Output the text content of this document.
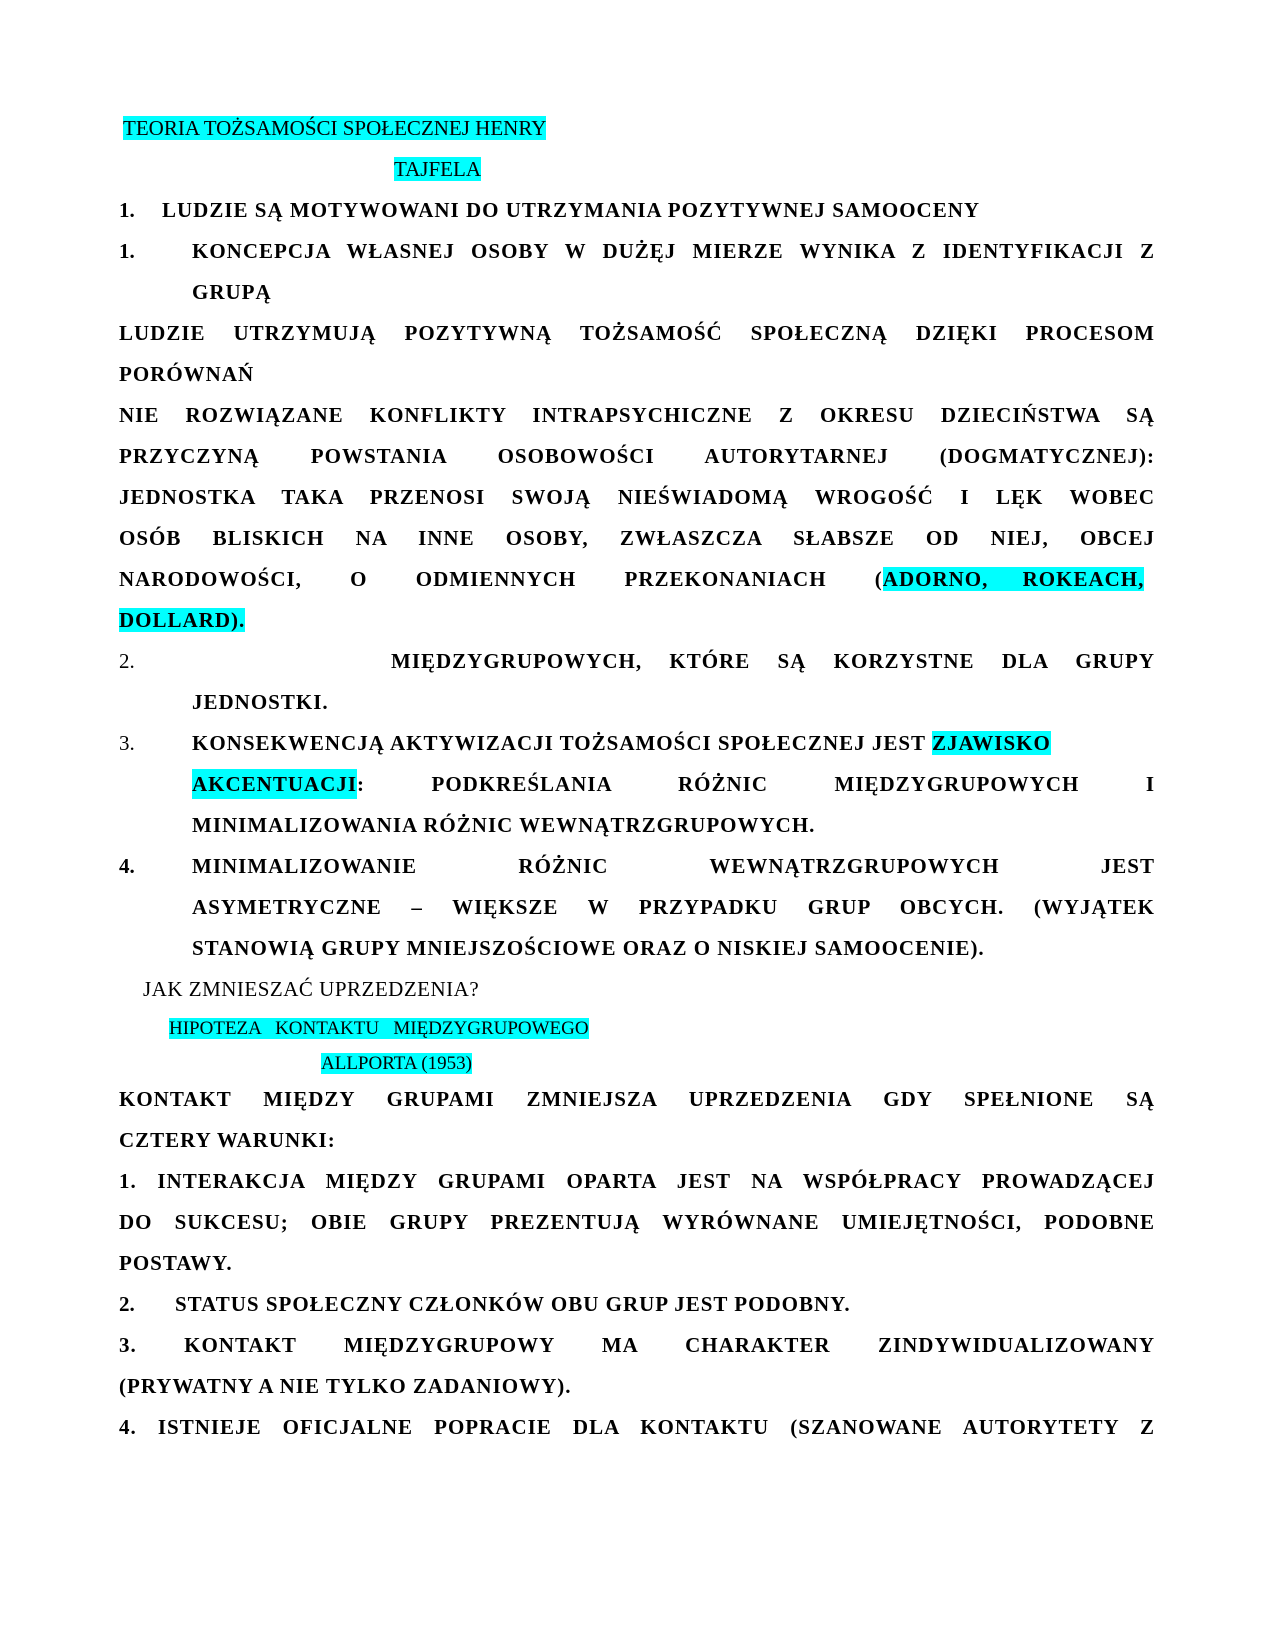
TEORIA TOŻSAMOŚCI SPOŁECZNEJ HENRY
TAJFELA
1. LUDZIE SĄ MOTYWOWANI DO UTRZYMANIA POZYTYWNEJ SAMOOCENY
1.	KONCEPCJA WŁASNEJ OSOBY W DUŻĘJ MIERZE WYNIKA Z IDENTYFIKACJI Z
GRUPĄ
LUDZIE UTRZYMUJĄ POZYTYWNĄ TOŻSAMOŚĆ SPOŁECZNĄ DZIĘKI PROCESOM
PORÓWNAŃ
NIE ROZWIĄZANE KONFLIKTY INTRAPSYCHICZNE Z OKRESU DZIECIŃSTWA SĄ
PRZYCZYNĄ POWSTANIA OSOBOWOŚCI AUTORYTARNEJ (DOGMATYCZNEJ):
JEDNOSTKA TAKA PRZENOSI SWOJĄ NIEŚWIADOMĄ WROGOŚĆ I LĘK WOBEC
OSÓB BLISKICH NA INNE OSOBY, ZWŁASZCZA SŁABSZE OD NIEJ, OBCEJ
NARODOWOŚCI, O ODMIENNYCH PRZEKONANIACH (ADORNO, ROKEACH,
DOLLARD).
2.	MIĘDZYGRUPOWYCH, KTÓRE SĄ KORZYSTNE DLA GRUPY
JEDNOSTKI.
3.	KONSEKWENCJĄ AKTYWIZACJI TOŻSAMOŚCI SPOŁECZNEJ JEST ZJAWISKO
AKCENTUACJI : PODKREŚLANIA RÓŻNIC MIĘDZYGRUPOWYCH I
MINIMALIZOWANIA RÓŻNIC WEWNĄTRZGRUPOWYCH.
4.	MINIMALIZOWANIE RÓŻNIC WEWNĄTRZGRUPOWYCH JEST
ASYMETRYCZNE – WIĘKSZE W PRZYPADKU GRUP OBCYCH. (WYJĄTEK
STANOWIĄ GRUPY MNIEJSZOŚCIOWE ORAZ O NISKIEJ SAMOOCENIE).
JAK ZMNIESZAĆ UPRZEDZENIA?
HIPOTEZA   KONTAKTU   MIĘDZYGRUPOWEGO
ALLPORTA (1953)
KONTAKT MIĘDZY GRUPAMI ZMNIEJSZA UPRZEDZENIA GDY SPEŁNIONE SĄ
CZTERY WARUNKI:
1. INTERAKCJA MIĘDZY GRUPAMI OPARTA JEST NA WSPÓŁPRACY PROWADZĄCEJ
DO SUKCESU; OBIE GRUPY PREZENTUJĄ WYRÓWNANE UMIEJĘTNOŚCI, PODOBNE
POSTAWY.
2. STATUS SPOŁECZNY CZŁONKÓW OBU GRUP JEST PODOBNY.
3. KONTAKT MIĘDZYGRUPOWY MA CHARAKTER ZINDYWIDUALIZOWANY
(PRYWATNY A NIE TYLKO ZADANIOWY).
4. ISTNIEJE OFICJALNE POPRACIE DLA KONTAKTU (SZANOWANE AUTORYTETY Z
